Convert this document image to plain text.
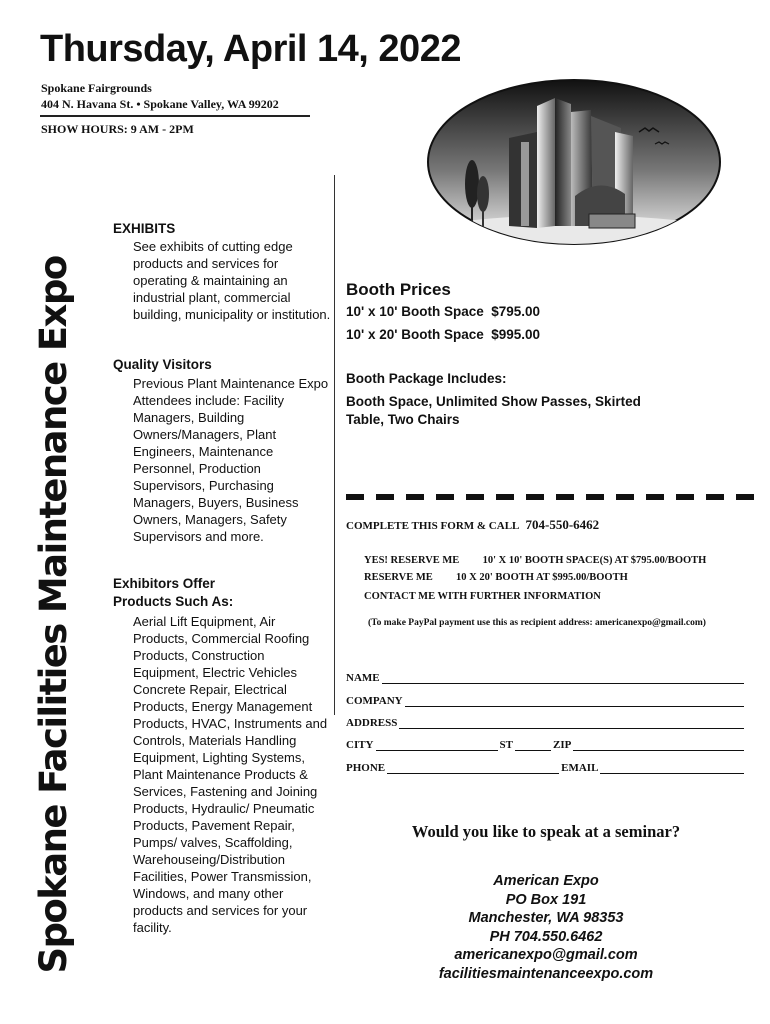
Thursday, April 14, 2022
Spokane Fairgrounds
404 N. Havana St. • Spokane Valley, WA 99202
SHOW HOURS: 9 AM - 2PM
Spokane Facilities Maintenance Expo
EXHIBITS
See exhibits of cutting edge products and services for operating & maintaining an industrial plant, commercial building, municipality or institution.
Quality Visitors
Previous Plant Maintenance Expo Attendees include: Facility Managers, Building Owners/Managers, Plant Engineers, Maintenance Personnel, Production Supervisors, Purchasing Managers, Buyers, Business Owners, Managers, Safety Supervisors and more.
Exhibitors Offer
Products Such As:
Aerial Lift Equipment, Air Products, Commercial Roofing Products, Construction Equipment, Electric Vehicles Concrete Repair, Electrical Products, Energy Management Products, HVAC, Instruments and Controls, Materials Handling Equipment, Lighting Systems, Plant Maintenance Products & Services, Fastening and Joining Products, Hydraulic/ Pneumatic Products, Pavement Repair, Pumps/ valves, Scaffolding, Warehouseing/Distribution Facilities, Power Transmission, Windows, and many other products and services for your facility.
Booth Prices
10' x 10' Booth Space  $795.00
10' x 20' Booth Space  $995.00
Booth Package Includes:
Booth Space, Unlimited Show Passes, Skirted Table, Two Chairs
COMPLETE THIS FORM & CALL 704-550-6462
YES! RESERVE ME 10' X 10' BOOTH SPACE(S) AT $795.00/BOOTH
RESERVE ME 10 X 20' BOOTH AT $995.00/BOOTH
CONTACT ME WITH FURTHER INFORMATION
(To make PayPal payment use this as recipient address: americanexpo@gmail.com)
NAME
COMPANY
ADDRESS
CITY	ST	ZIP
PHONE	EMAIL
Would you like to speak at a seminar?
American Expo
PO Box 191
Manchester, WA 98353
PH 704.550.6462
americanexpo@gmail.com
facilitiesmaintenanceexpo.com
